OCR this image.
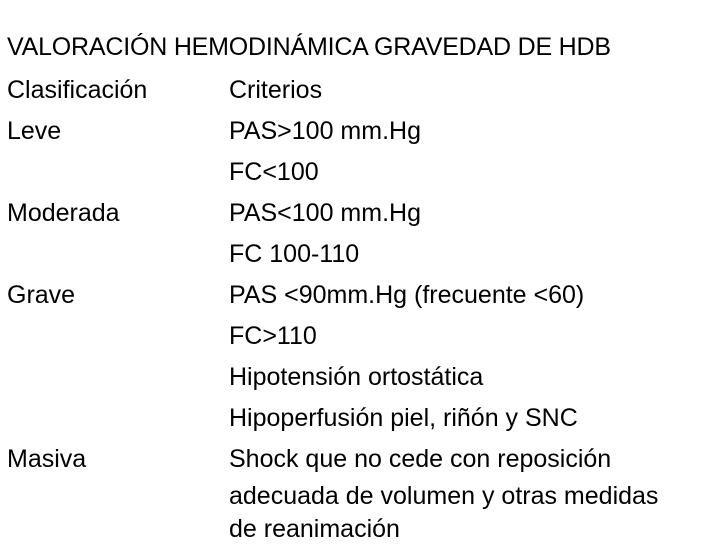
VALORACIÓN HEMODINÁMICA GRAVEDAD DE HDB
Clasificación	Criterios
Leve	PAS>100 mm.Hg
FC<100
Moderada	PAS<100 mm.Hg
FC 100-110
Grave	PAS <90mm.Hg (frecuente <60)
FC>110
Hipotensión ortostática
Hipoperfusión piel, riñón y SNC
Masiva	Shock que no cede con reposición
adecuada de volumen y otras medidas
de reanimación
